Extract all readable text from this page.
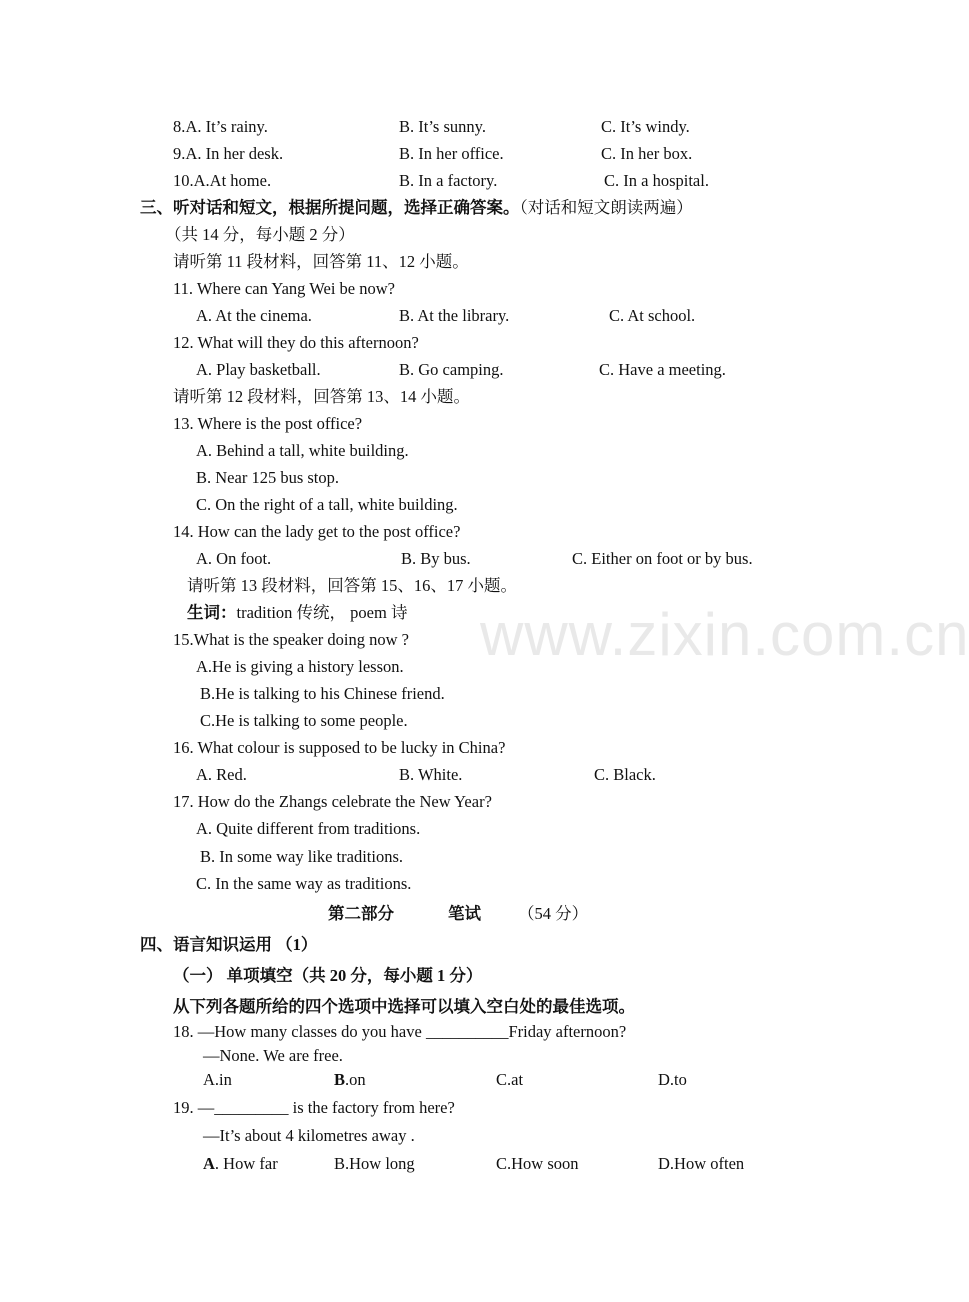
www.zixin.com.cn
8. A. It’s rainy.	B. It’s sunny.	C. It’s windy.
9. A. In her desk.	B. In her office.	C. In her box.
10.A.At home.	B. In a factory.	C. In a hospital.
三、听对话和短文，根据所提问题，选择正确答案。（对话和短文朗读两遍）
（共 14 分，每小题 2 分）
请听第 11 段材料，回答第 11、12 小题。
11. Where can Yang Wei be now?
A. At the cinema.	B. At the library.	C. At school.
12. What will they do this afternoon?
A. Play basketball.	B. Go camping.	C. Have a meeting.
请听第 12 段材料，回答第 13、14 小题。
13. Where is the post office?
A. Behind a tall, white building.
B. Near 125 bus stop.
C. On the right of a tall, white building.
14. How can the lady get to the post office?
A. On foot.	B. By bus.	C. Either on foot or by bus.
请听第 13 段材料，回答第 15、16、17 小题。
生词：tradition 传统， poem 诗
15.What is the speaker doing now ?
A.He is giving a history lesson.
B.He is talking to his Chinese friend.
C.He is talking to some people.
16. What colour is supposed to be lucky in China?
A. Red.	B. White.	C. Black.
17. How do the Zhangs celebrate the New Year?
A. Quite different from traditions.
B. In some way like traditions.
C. In the same way as traditions.
第二部分	笔试 （54 分）
四、语言知识运用 （1）
（一） 单项填空（共 20 分，每小题 1 分）
从下列各题所给的四个选项中选择可以填入空白处的最佳选项。
18. —How many classes do you have __________Friday afternoon?
—None. We are free.
A.in	B.on	C.at	D.to
19. —_________ is the factory from here?
—It’s about 4 kilometres away .
A. How far	B.How long	C.How soon	D.How often
